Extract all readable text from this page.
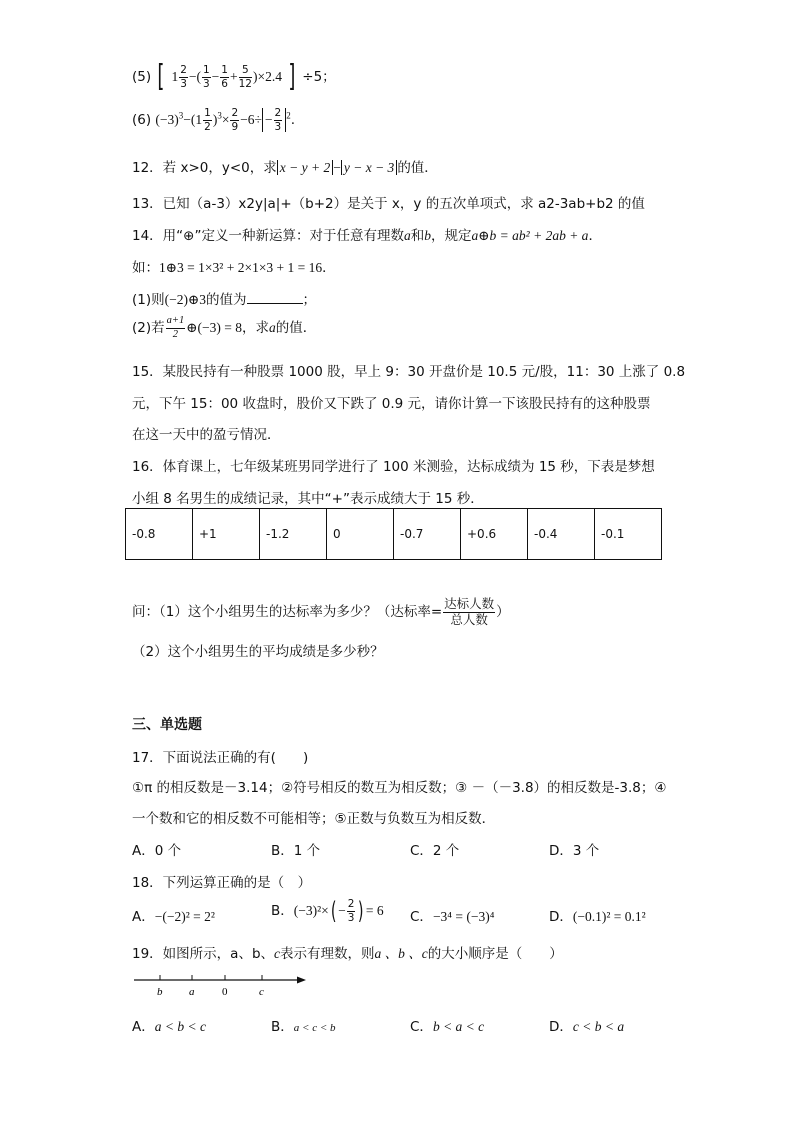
(5) [ $1 \frac{2}{3}$ −( $\frac{1}{3} - \frac{1}{6} + \frac{5}{12} )\times 2.4$ ] ÷5；
(6) $(-3)^3-(1 \frac{1}{2} )^3\times \frac{2}{9} -6\div - \frac{2}{3} ^2$.
12．若 x>0，y<0，求 x − y + 2 − y − x − 3 的值．
13．已知（a-3）x2y|a|+（b+2）是关于 x，y 的五次单项式，求 a2-3ab+b2 的值
14．用“⊕”定义一种新运算：对于任意有理数a和b，规定a⊕b = ab² + 2ab + a．
如：1⊕3 = 1×3² + 2×1×3 + 1 = 16．
(1)则(−2)⊕3的值为	；
(2)若 $\frac{a+1}{2}$ ⊕(−3) = 8，求a的值．
15．某股民持有一种股票 1000 股，早上 9：30 开盘价是 10.5 元/股，11：30 上涨了 0.8
元，下午 15：00 收盘时，股价又下跌了 0.9 元，请你计算一下该股民持有的这种股票
在这一天中的盈亏情况．
16．体育课上，七年级某班男同学进行了 100 米测验，达标成绩为 15 秒，下表是梦想
小组 8 名男生的成绩记录，其中“+”表示成绩大于 15 秒．
-0.8	+1	-1.2	0	-0.7	+0.6	-0.4	-0.1
问：（1）这个小组男生的达标率为多少？（达标率= $\frac{\text{达标人数}}{\text{总人数}}$ ）
（2）这个小组男生的平均成绩是多少秒？
三、单选题
17．下面说法正确的有(　　)
①π 的相反数是－3.14；②符号相反的数互为相反数；③ －（－3.8）的相反数是-3.8；④
一个数和它的相反数不可能相等；⑤正数与负数互为相反数．
A．0 个	B．1 个	C．2 个	D．3 个
18．下列运算正确的是（　）
A．−(−2)² = 2²	B．$(-3)^2\times( - \frac{2}{3}$ ) = 6 C．−3⁴ = (−3)⁴	D．(−0.1)² = 0.1²
19．如图所示，a、b、c表示有理数，则a 、b 、c的大小顺序是（　　）
b a	0	c
A．a < b < c	B．a < c < b	C．b < a < c	D．c < b < a
